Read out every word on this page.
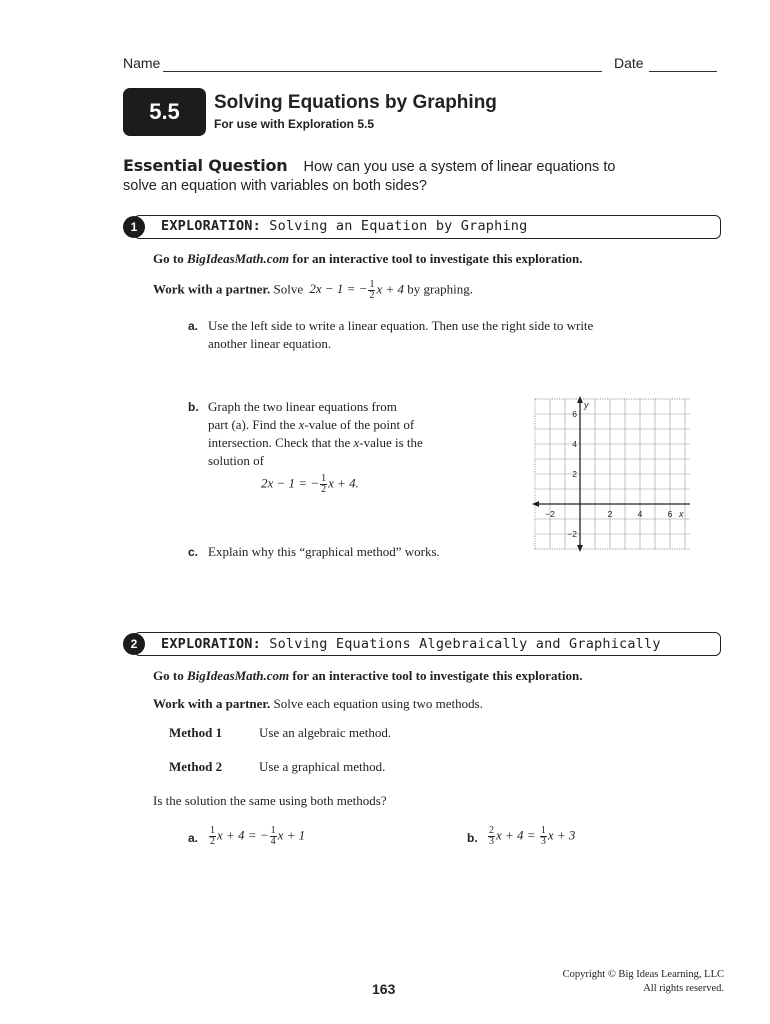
Name	Date
5.5 Solving Equations by Graphing
For use with Exploration 5.5
Essential Question How can you use a system of linear equations to
solve an equation with variables on both sides?
1	EXPLORATION: Solving an Equation by Graphing
Go to BigIdeasMath.com for an interactive tool to investigate this exploration.
Work with a partner. Solve 2x − 1 = − $\frac{1}{2}$ x + 4 by graphing.
a. Use the left side to write a linear equation. Then use the right side to write
another linear equation.
b. Graph the two linear equations from
part (a). Find the x-value of the point of
intersection. Check that the x-value is the
solution of
2x − 1 = − $\frac{1}{2}$ x + 4.
c. Explain why this “graphical method” works.
−2	2	4	6
6
4
2
−2
x
y
2	EXPLORATION: Solving Equations Algebraically and Graphically
Go to BigIdeasMath.com for an interactive tool to investigate this exploration.
Work with a partner. Solve each equation using two methods.
Method 1	Use an algebraic method.
Method 2	Use a graphical method.
Is the solution the same using both methods?
a. $\frac{1}{2}$ x + 4 = − $\frac{1}{4}$ x + 1	b. $\frac{2}{3}$ $x + 4 = \frac{1}{3}$ x + 3
163
Copyright © Big Ideas Learning, LLC
All rights reserved.
